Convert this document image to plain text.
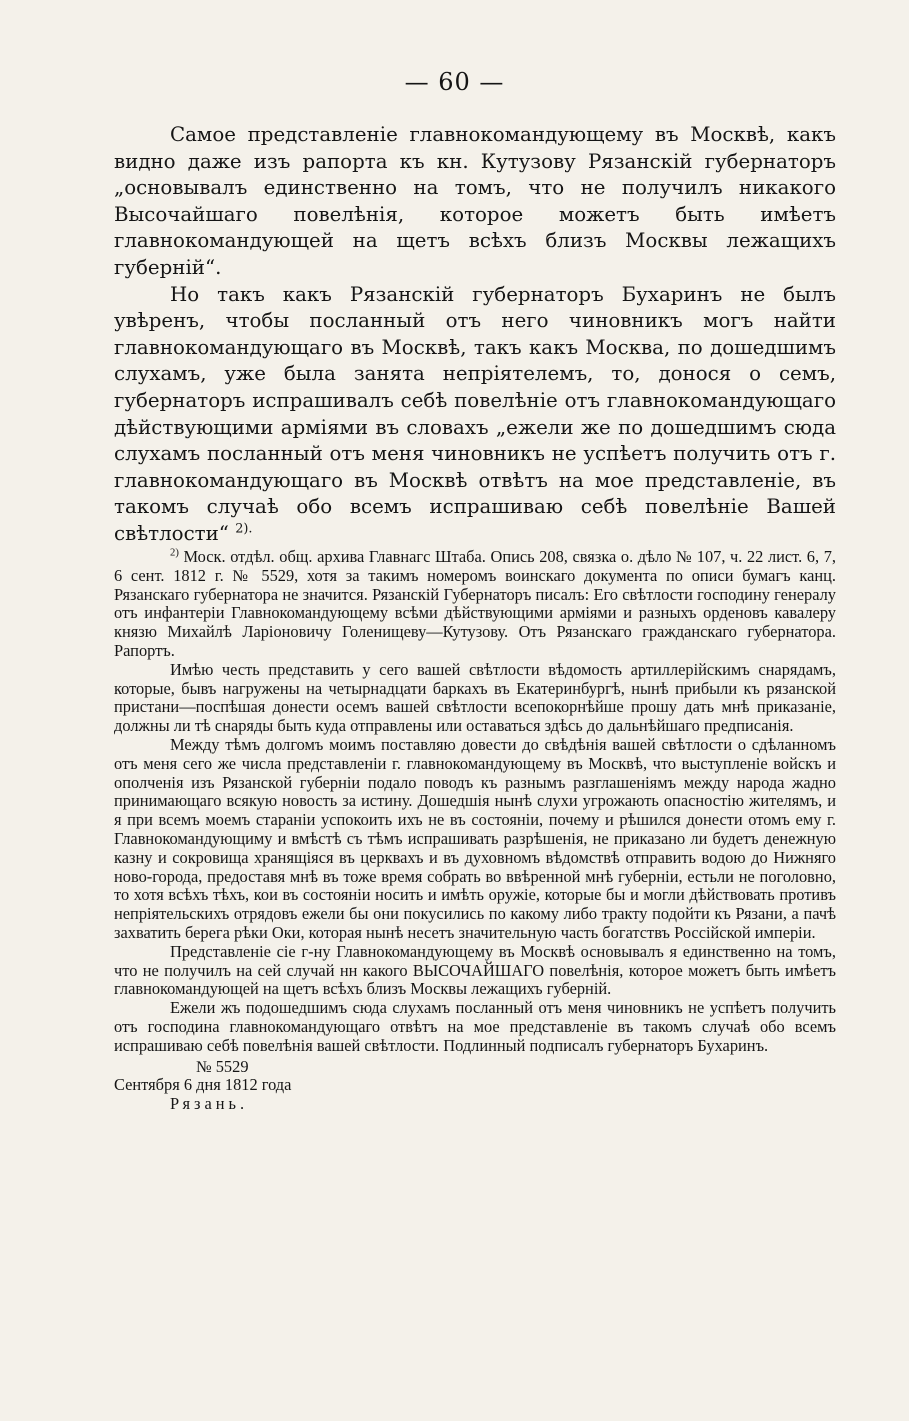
— 60 —

Самое представленіе главнокомандующему въ Москвѣ, какъ видно даже изъ рапорта къ кн. Кутузову Рязанскій губернаторъ „основывалъ единственно на томъ, что не получилъ никакого Высочайшаго повелѣнія, которое можетъ быть имѣетъ главнокомандующей на щетъ всѣхъ близъ Москвы лежащихъ губерній“.

Но такъ какъ Рязанскій губернаторъ Бухаринъ не былъ увѣренъ, чтобы посланный отъ него чиновникъ могъ найти главнокомандующаго въ Москвѣ, такъ какъ Москва, по дошедшимъ слухамъ, уже была занята непріятелемъ, то, донося о семъ, губернаторъ испрашивалъ себѣ повелѣніе отъ главнокомандующаго дѣйствующими арміями въ словахъ „ежели же по дошедшимъ сюда слухамъ посланный отъ меня чиновникъ не успѣетъ получить отъ г. главнокомандующаго въ Москвѣ отвѣтъ на мое представленіе, въ такомъ случаѣ обо всемъ испрашиваю себѣ повелѣніе Вашей свѣтлости“ $^{2).}$

$^{2)}$ Моск. отдѣл. общ. архива Главнагс Штаба. Опись 208, связка о. дѣло № 107, ч. 22 лист. 6, 7, 6 сент. 1812 г. № 5529, хотя за такимъ номеромъ воинскаго документа по описи бумагъ канц. Рязанскаго губернатора не значится. Рязанскій Губернаторъ писалъ: Его свѣтлости господину генералу отъ инфантеріи Главнокомандующему всѣми дѣйствующими арміями и разныхъ орденовъ кавалеру князю Михайлѣ Ларіоновичу Голенищеву—Кутузову. Отъ Рязанскаго гражданскаго губернатора. Рапортъ.

Имѣю честь представить у сего вашей свѣтлости вѣдомость артиллерійскимъ снарядамъ, которые, бывъ нагружены на четырнадцати баркахъ въ Екатеринбургѣ, нынѣ прибыли къ рязанской пристани—поспѣшая донести осемъ вашей свѣтлости всепокорнѣйше прошу дать мнѣ приказаніе, должны ли тѣ снаряды быть куда отправлены или оставаться здѣсь до дальнѣйшаго предписанія.

Между тѣмъ долгомъ моимъ поставляю довести до свѣдѣнія вашей свѣтлости о сдѣланномъ отъ меня сего же числа представленіи г. главнокомандующему въ Москвѣ, что выступленіе войскъ и ополченія изъ Рязанской губерніи подало поводъ къ разнымъ разглашеніямъ между народа жадно принимающаго всякую новость за истину. Дошедшія нынѣ слухи угрожають опасностію жителямъ, и я при всемъ моемъ стараніи успокоить ихъ не въ состояніи, почему и рѣшился донести отомъ ему г. Главнокомандующиму и вмѣстѣ съ тѣмъ испрашивать разрѣшенія, не приказано ли будетъ денежную казну и сокровища хранящіяся въ церквахъ и въ духовномъ вѣдомствѣ отправить водою до Нижняго ново-города, предоставя мнѣ въ тоже время собрать во ввѣренной мнѣ губерніи, естьли не поголовно, то хотя всѣхъ тѣхъ, кои въ состояніи носить и имѣть оружіе, которые бы и могли дѣйствовать противъ непріятельскихъ отрядовъ ежели бы они покусились по какому либо тракту подойти къ Рязани, а пачѣ захватить берега рѣки Оки, которая нынѣ несетъ значительную часть богатствъ Россійской имперіи.

Представленіе сіе г-ну Главнокомандующему въ Москвѣ основывалъ я единственно на томъ, что не получилъ на сей случай нн какого ВЫСОЧАЙШАГО повелѣнія, которое можетъ быть имѣетъ главнокомандующей на щетъ всѣхъ близъ Москвы лежащихъ губерній.

Ежели жъ подошедшимъ сюда слухамъ посланный отъ меня чиновникъ не успѣетъ получить отъ господина главнокомандующаго отвѣтъ на мое представленіе въ такомъ случаѣ обо всемъ испрашиваю себѣ повелѣнія вашей свѣтлости. Подлинный подписалъ губернаторъ Бухаринъ.

№ 5529
Сентября 6 дня 1812 года
Рязань.
